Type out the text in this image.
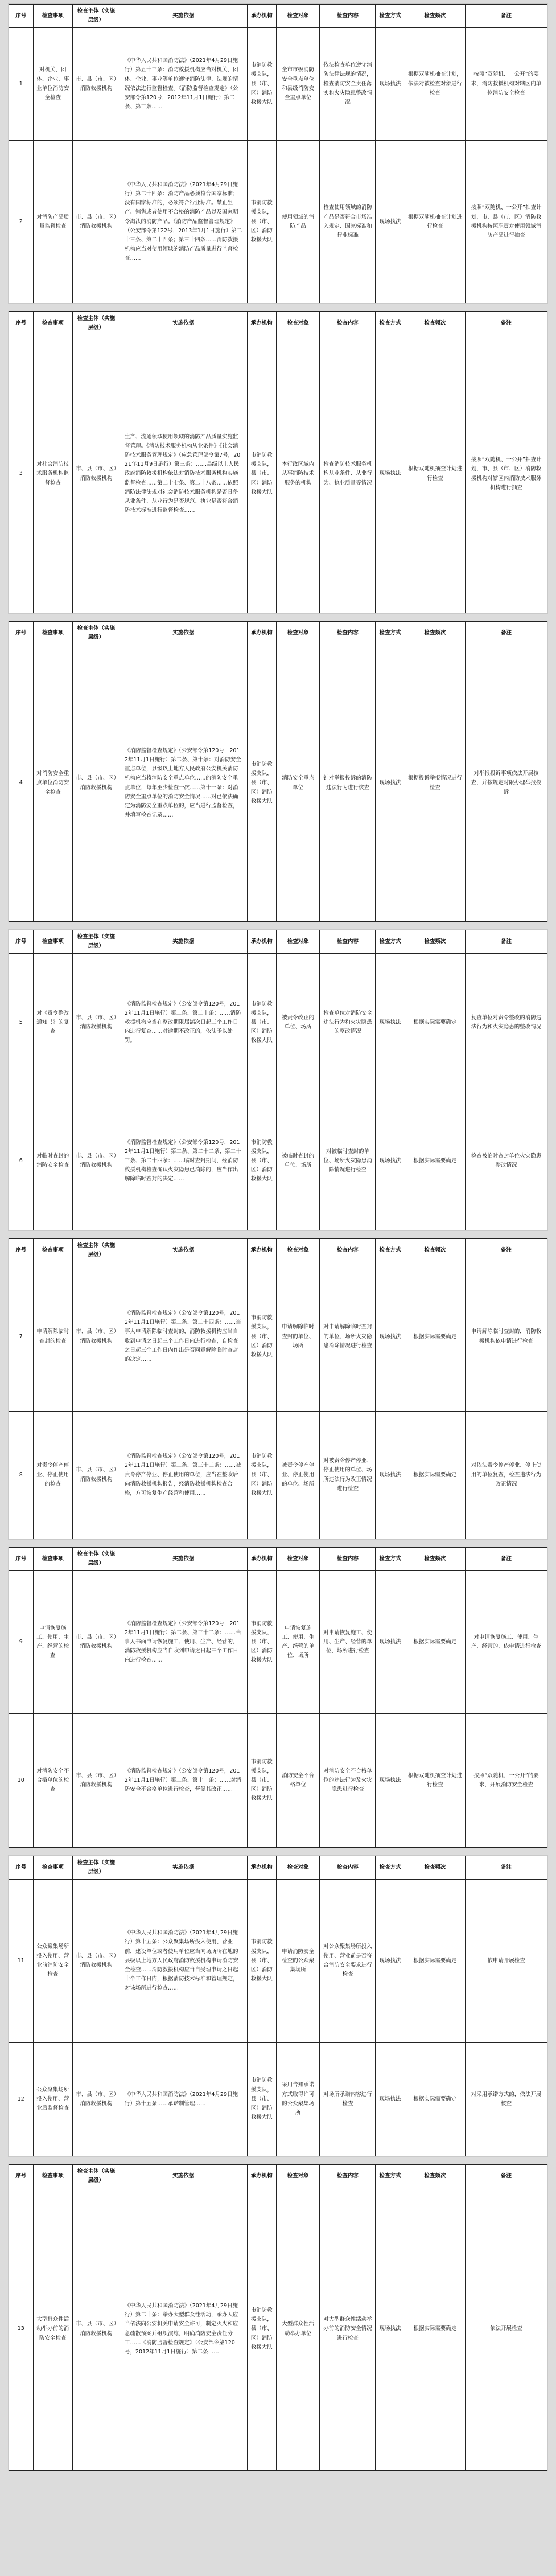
序号	检查事项	检查主体（实施层级）	实施依据	承办机构	检查对象	检查内容	检查方式	检查频次	备注
1	对机关、团体、企业、事业单位消防安全检查	市、县（市、区）消防救援机构	《中华人民共和国消防法》（2021年4月29日施行）第五十三条：消防救援机构应当对机关、团体、企业、事业等单位遵守消防法律、法规的情况依法进行监督检查。《消防监督检查规定》（公安部令第120号，2012年11月1日施行）第二条、第三条……	市消防救援支队，县（市、区）消防救援大队	全市市级消防安全重点单位和县级消防安全重点单位	依法检查单位遵守消防法律法规的情况，检查消防安全责任落实和火灾隐患整改情况	现场执法	根据双随机抽查计划，依法对被检查对象进行检查	按照“双随机、一公开”的要求，消防救援机构对辖区内单位消防安全检查
2	对消防产品质量监督检查	市、县（市、区）消防救援机构	《中华人民共和国消防法》（2021年4月29日施行）第二十四条：消防产品必须符合国家标准；没有国家标准的，必须符合行业标准。禁止生产、销售或者使用不合格的消防产品以及国家明令淘汰的消防产品。《消防产品监督管理规定》（公安部令第122号，2013年1月1日施行）第二十三条、第二十四条；第三十四条……消防救援机构应当对使用领域的消防产品质量进行监督检查……	市消防救援支队，县（市、区）消防救援大队	使用领域的消防产品	检查使用领域的消防产品是否符合市场准入规定、国家标准和行业标准	现场执法	根据双随机抽查计划进行检查	按照“双随机、一公开”抽查计划，市、县（市、区）消防救援机构按照职责对使用领域消防产品进行抽查
序号	检查事项	检查主体（实施层级）	实施依据	承办机构	检查对象	检查内容	检查方式	检查频次	备注
3	对社会消防技术服务机构监督检查	市、县（市、区）消防救援机构	生产、流通领域使用领域的消防产品质量实施监督管理。《消防技术服务机构从业条件》《社会消防技术服务管理规定》（应急管理部令第7号，2021年11月9日施行）第三条：……县级以上人民政府消防救援机构依法对消防技术服务机构实施监督检查……第二十七条、第二十八条……依照消防法律法规对社会消防技术服务机构是否具备从业条件、从业行为是否规范、执业是否符合消防技术标准进行监督检查……	市消防救援支队，县（市、区）消防救援大队	本行政区域内从事消防技术服务的机构	检查消防技术服务机构从业条件、从业行为、执业质量等情况	现场执法	根据双随机抽查计划进行检查	按照“双随机、一公开”抽查计划，市、县（市、区）消防救援机构对辖区内消防技术服务机构进行抽查
序号	检查事项	检查主体（实施层级）	实施依据	承办机构	检查对象	检查内容	检查方式	检查频次	备注
4	对消防安全重点单位消防安全检查	市、县（市、区）消防救援机构	《消防监督检查规定》（公安部令第120号，2012年11月1日施行）第二条、第十条：对消防安全重点单位，县级以上地方人民政府公安机关消防机构应当将消防安全重点单位……的消防安全重点单位，每年至少检查一次……第十一条：对消防安全重点单位的消防安全情况……对已依法确定为消防安全重点单位的，应当进行监督检查，并填写检查记录……	市消防救援支队，县（市、区）消防救援大队	消防安全重点单位	针对举报投诉的消防违法行为进行核查	现场执法	根据投诉举报情况进行检查	对举报投诉事项依法开展核查，并按规定时限办理举报投诉
序号	检查事项	检查主体（实施层级）	实施依据	承办机构	检查对象	检查内容	检查方式	检查频次	备注
5	对《责令整改通知书》的复查	市、县（市、区）消防救援机构	《消防监督检查规定》（公安部令第120号，2012年11月1日施行）第二条、第二十条：……消防救援机构应当在整改期限届满次日起三个工作日内进行复查……对逾期不改正的，依法予以处罚。	市消防救援支队，县（市、区）消防救援大队	被责令改正的单位、场所	检查单位对消防安全违法行为和火灾隐患的整改情况	现场执法	根据实际需要确定	复查单位对责令整改的消防违法行为和火灾隐患的整改情况
6	对临时查封的消防安全检查	市、县（市、区）消防救援机构	《消防监督检查规定》（公安部令第120号，2012年11月1日施行）第二条、第二十二条、第二十三条、第二十四条：……临时查封期间，经消防救援机构检查确认火灾隐患已消除的，应当作出解除临时查封的决定……	市消防救援支队，县（市、区）消防救援大队	被临时查封的单位、场所	对被临时查封的单位、场所火灾隐患消除情况进行检查	现场执法	根据实际需要确定	检查被临时查封单位火灾隐患整改情况
序号	检查事项	检查主体（实施层级）	实施依据	承办机构	检查对象	检查内容	检查方式	检查频次	备注
7	申请解除临时查封的检查	市、县（市、区）消防救援机构	《消防监督检查规定》（公安部令第120号，2012年11月1日施行）第二条、第二十四条：……当事人申请解除临时查封的，消防救援机构应当自收到申请之日起三个工作日内进行检查，自检查之日起三个工作日内作出是否同意解除临时查封的决定……	市消防救援支队，县（市、区）消防救援大队	申请解除临时查封的单位、场所	对申请解除临时查封的单位、场所火灾隐患消除情况进行检查	现场执法	根据实际需要确定	申请解除临时查封的，消防救援机构依申请进行检查
8	对责令停产停业、停止使用的检查	市、县（市、区）消防救援机构	《消防监督检查规定》（公安部令第120号，2012年11月1日施行）第二条、第三十二条：……被责令停产停业、停止使用的单位，应当在整改后向消防救援机构报告，经消防救援机构检查合格，方可恢复生产经营和使用……	市消防救援支队，县（市、区）消防救援大队	被责令停产停业、停止使用的单位、场所	对被责令停产停业、停止使用的单位、场所违法行为改正情况进行检查	现场执法	根据实际需要确定	对依法责令停产停业、停止使用的单位复查，检查违法行为改正情况
序号	检查事项	检查主体（实施层级）	实施依据	承办机构	检查对象	检查内容	检查方式	检查频次	备注
9	申请恢复施工、使用、生产、经营的检查	市、县（市、区）消防救援机构	《消防监督检查规定》（公安部令第120号，2012年11月1日施行）第二条、第三十二条：……当事人书面申请恢复施工、使用、生产、经营的，消防救援机构应当自收到申请之日起三个工作日内进行检查……	市消防救援支队，县（市、区）消防救援大队	申请恢复施工、使用、生产、经营的单位、场所	对申请恢复施工、使用、生产、经营的单位、场所进行检查	现场执法	根据实际需要确定	对申请恢复施工、使用、生产、经营的，依申请进行检查
10	对消防安全不合格单位的检查	市、县（市、区）消防救援机构	《消防监督检查规定》（公安部令第120号，2012年11月1日施行）第二条、第十一条：……对消防安全不合格单位进行检查，督促其改正……	市消防救援支队，县（市、区）消防救援大队	消防安全不合格单位	对消防安全不合格单位的违法行为及火灾隐患进行检查	现场执法	根据双随机抽查计划进行检查	按照“双随机、一公开”的要求，开展消防安全检查
序号	检查事项	检查主体（实施层级）	实施依据	承办机构	检查对象	检查内容	检查方式	检查频次	备注
11	公众聚集场所投入使用、营业前消防安全检查	市、县（市、区）消防救援机构	《中华人民共和国消防法》（2021年4月29日施行）第十五条：公众聚集场所投入使用、营业前，建设单位或者使用单位应当向场所所在地的县级以上地方人民政府消防救援机构申请消防安全检查……消防救援机构应当自受理申请之日起十个工作日内，根据消防技术标准和管理规定，对该场所进行检查……	市消防救援支队，县（市、区）消防救援大队	申请消防安全检查的公众聚集场所	对公众聚集场所投入使用、营业前是否符合消防安全要求进行检查	现场执法	根据实际需要确定	依申请开展检查
12	公众聚集场所投入使用、营业后监督检查	市、县（市、区）消防救援机构	《中华人民共和国消防法》（2021年4月29日施行）第十五条……承诺制管理……	市消防救援支队，县（市、区）消防救援大队	采用告知承诺方式取得许可的公众聚集场所	对场所承诺内容进行检查	现场执法	根据实际需要确定	对采用承诺方式的，依法开展核查
序号	检查事项	检查主体（实施层级）	实施依据	承办机构	检查对象	检查内容	检查方式	检查频次	备注
13	大型群众性活动举办前的消防安全检查	市、县（市、区）消防救援机构	《中华人民共和国消防法》（2021年4月29日施行）第二十条：举办大型群众性活动，承办人应当依法向公安机关申请安全许可，制定灭火和应急疏散预案并组织演练，明确消防安全责任分工……《消防监督检查规定》（公安部令第120号，2012年11月1日施行）第二条……	市消防救援支队，县（市、区）消防救援大队	大型群众性活动举办单位	对大型群众性活动举办前的消防安全情况进行检查	现场执法	根据实际需要确定	依法开展检查
